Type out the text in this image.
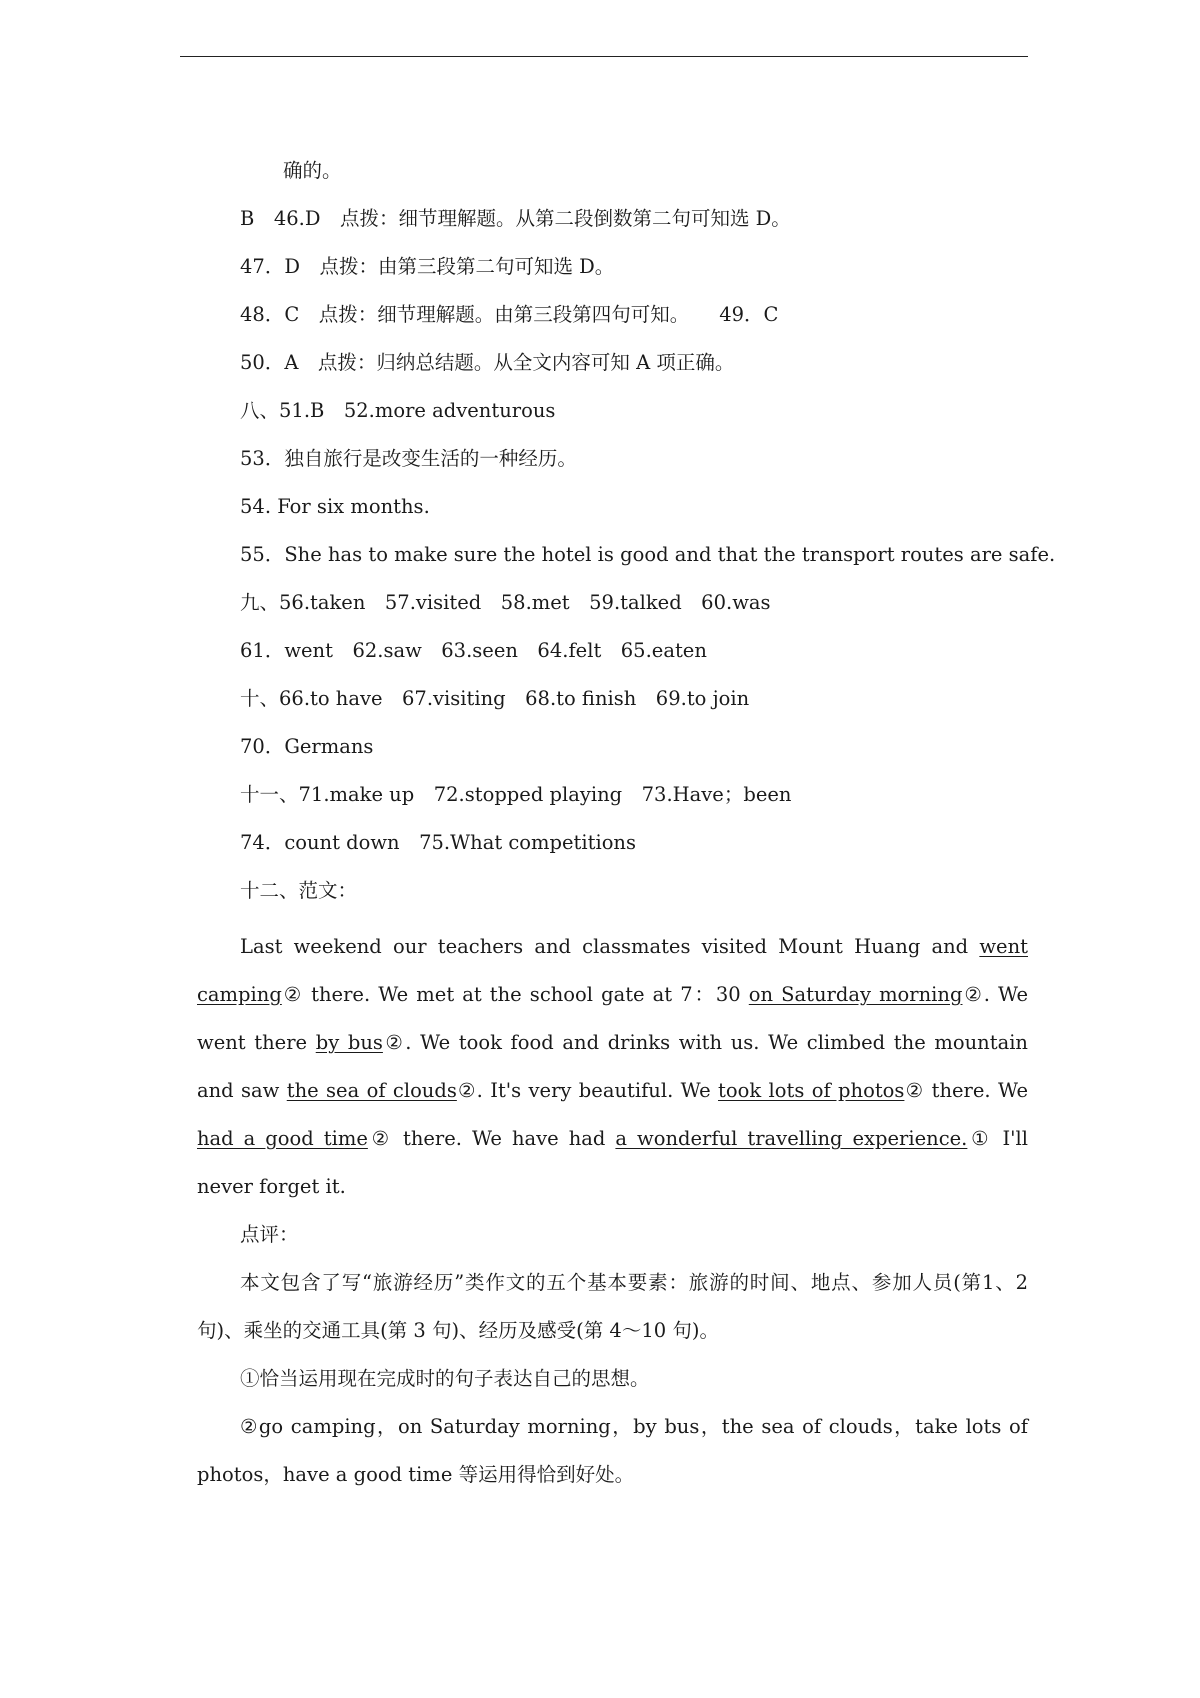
确的。
B　46.D　点拨：细节理解题。从第二段倒数第二句可知选 D。
47．D　点拨：由第三段第二句可知选 D。
48．C　点拨：细节理解题。由第三段第四句可知。 49．C
50．A　点拨：归纳总结题。从全文内容可知 A 项正确。
八、51.B　52.more adventurous
53．独自旅行是改变生活的一种经历。
54. For six months.
55．She has to make sure the hotel is good and that the transport routes are safe.
九、56.taken　57.visited　58.met　59.talked　60.was
61．went　62.saw　63.seen　64.felt　65.eaten
十、66.to have　67.visiting　68.to finish　69.to join
70．Germans
十一、71.make up　72.stopped playing　73.Have；been
74．count down　75.What competitions
十二、范文：

Last weekend our teachers and classmates visited Mount Huang and went camping② there. We met at the school gate at 7：30 on Saturday morning②. We went there by bus②. We took food and drinks with us. We climbed the mountain and saw the sea of clouds②. It's very beautiful. We took lots of photos② there. We had a good time② there. We have had a wonderful travelling experience.① I'll never forget it.

点评：

本文包含了写“旅游经历”类作文的五个基本要素：旅游的时间、地点、参加人员(第1、2 句)、乘坐的交通工具(第 3 句)、经历及感受(第 4～10 句)。

①恰当运用现在完成时的句子表达自己的思想。

②go camping，on Saturday morning，by bus，the sea of clouds，take lots of photos，have a good time 等运用得恰到好处。
